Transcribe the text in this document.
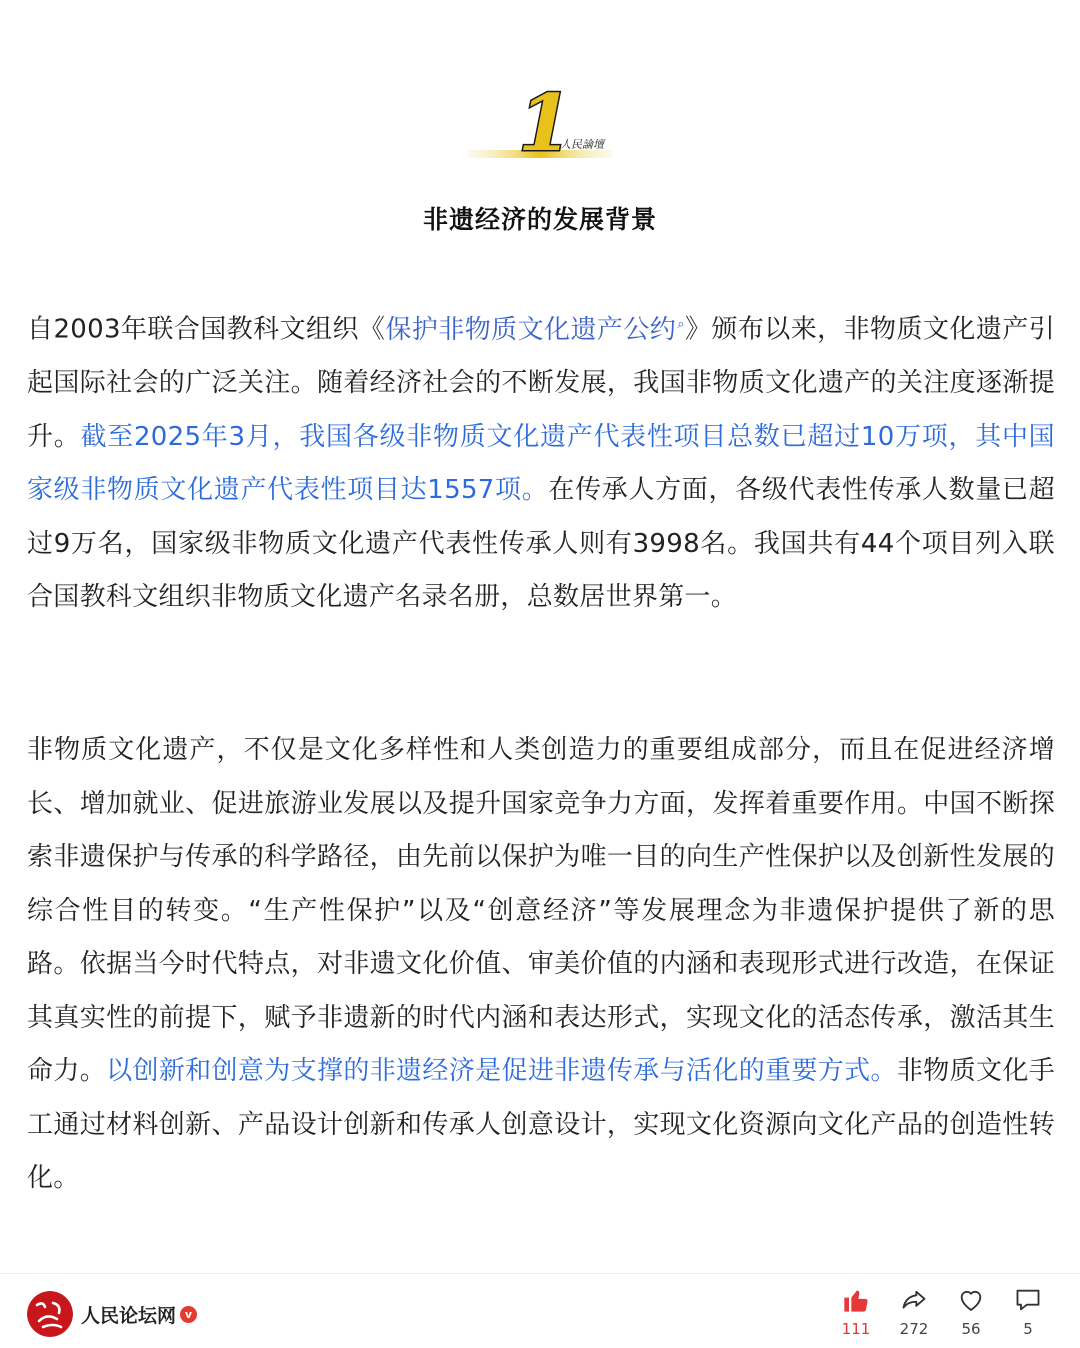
1
人民論壇
非遗经济的发展背景

自2003年联合国教科文组织《保护非物质文化遗产公约⌕》颁布以来，非物质文化遗产引起国际社会的广泛关注。随着经济社会的不断发展，我国非物质文化遗产的关注度逐渐提升。截至2025年3月，我国各级非物质文化遗产代表性项目总数已超过10万项，其中国家级非物质文化遗产代表性项目达1557项。在传承人方面，各级代表性传承人数量已超过9万名，国家级非物质文化遗产代表性传承人则有3998名。我国共有44个项目列入联合国教科文组织非物质文化遗产名录名册，总数居世界第一。

非物质文化遗产，不仅是文化多样性和人类创造力的重要组成部分，而且在促进经济增长、增加就业、促进旅游业发展以及提升国家竞争力方面，发挥着重要作用。中国不断探索非遗保护与传承的科学路径，由先前以保护为唯一目的向生产性保护以及创新性发展的综合性目的转变。“生产性保护”以及“创意经济”等发展理念为非遗保护提供了新的思路。依据当今时代特点，对非遗文化价值、审美价值的内涵和表现形式进行改造，在保证其真实性的前提下，赋予非遗新的时代内涵和表达形式，实现文化的活态传承，激活其生命力。以创新和创意为支撑的非遗经济是促进非遗传承与活化的重要方式。非物质文化手工通过材料创新、产品设计创新和传承人创意设计，实现文化资源向文化产品的创造性转化。

人民论坛网 v
111	272	56	5
